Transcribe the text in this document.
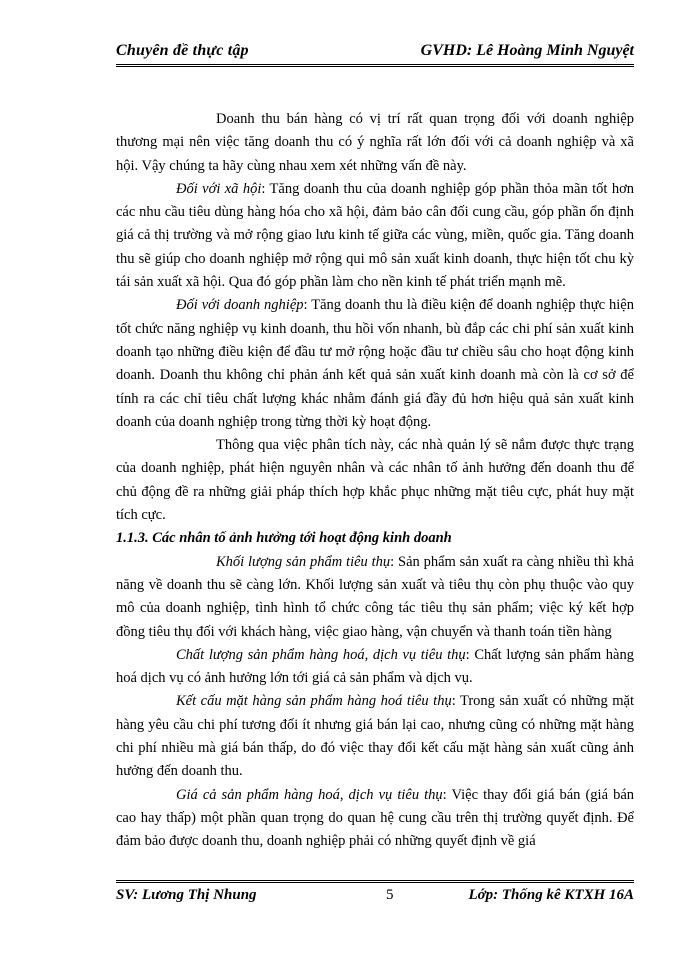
Chuyên đề thực tập	GVHD: Lê Hoàng Minh Nguyệt

Doanh thu bán hàng có vị trí rất quan trọng đối với doanh nghiệp thương mại nên việc tăng doanh thu có ý nghĩa rất lớn đối với cả doanh nghiệp và xã hội. Vậy chúng ta hãy cùng nhau xem xét những vấn đề này.

Đối với xã hội: Tăng doanh thu của doanh nghiệp góp phần thỏa mãn tốt hơn các nhu cầu tiêu dùng hàng hóa cho xã hội, đảm bảo cân đối cung cầu, góp phần ổn định giá cả thị trường và mở rộng giao lưu kinh tế giữa các vùng, miền, quốc gia. Tăng doanh thu sẽ giúp cho doanh nghiệp mở rộng qui mô sản xuất kinh doanh, thực hiện tốt chu kỳ tái sản xuất xã hội. Qua đó góp phần làm cho nền kinh tế phát triển mạnh mẽ.

Đối với doanh nghiệp: Tăng doanh thu là điều kiện để doanh nghiệp thực hiện tốt chức năng nghiệp vụ kinh doanh, thu hồi vốn nhanh, bù đắp các chi phí sản xuất kinh doanh tạo những điều kiện để đầu tư mở rộng hoặc đầu tư chiều sâu cho hoạt động kinh doanh. Doanh thu không chỉ phản ánh kết quả sản xuất kinh doanh mà còn là cơ sở để tính ra các chỉ tiêu chất lượng khác nhằm đánh giá đầy đủ hơn hiệu quả sản xuất kinh doanh của doanh nghiệp trong từng thời kỳ hoạt động.

Thông qua việc phân tích này, các nhà quản lý sẽ nắm được thực trạng của doanh nghiệp, phát hiện nguyên nhân và các nhân tố ảnh hưởng đến doanh thu để chủ động đề ra những giải pháp thích hợp khắc phục những mặt tiêu cực, phát huy mặt tích cực.

1.1.3. Các nhân tố ảnh hưởng tới hoạt động kinh doanh

Khối lượng sản phẩm tiêu thụ: Sản phẩm sản xuất ra càng nhiều thì khả năng về doanh thu sẽ càng lớn. Khối lượng sản xuất và tiêu thụ còn phụ thuộc vào quy mô của doanh nghiệp, tình hình tổ chức công tác tiêu thụ sản phẩm; việc ký kết hợp đồng tiêu thụ đối với khách hàng, việc giao hàng, vận chuyển và thanh toán tiền hàng

Chất lượng sản phẩm hàng hoá, dịch vụ tiêu thụ: Chất lượng sản phẩm hàng hoá dịch vụ có ảnh hưởng lớn tới giá cả sản phẩm và dịch vụ.

Kết cấu mặt hàng sản phẩm hàng hoá tiêu thụ: Trong sản xuất có những mặt hàng yêu cầu chi phí tương đối ít nhưng giá bán lại cao, nhưng cũng có những mặt hàng chi phí nhiều mà giá bán thấp, do đó việc thay đổi kết cấu mặt hàng sản xuất cũng ảnh hưởng đến doanh thu.

Giá cả sản phẩm hàng hoá, dịch vụ tiêu thụ: Việc thay đổi giá bán (giá bán cao hay thấp) một phần quan trọng do quan hệ cung cầu trên thị trường quyết định. Để đảm bảo được doanh thu, doanh nghiệp phải có những quyết định về giá

SV: Lương Thị Nhung	5	Lớp: Thống kê KTXH 16A
